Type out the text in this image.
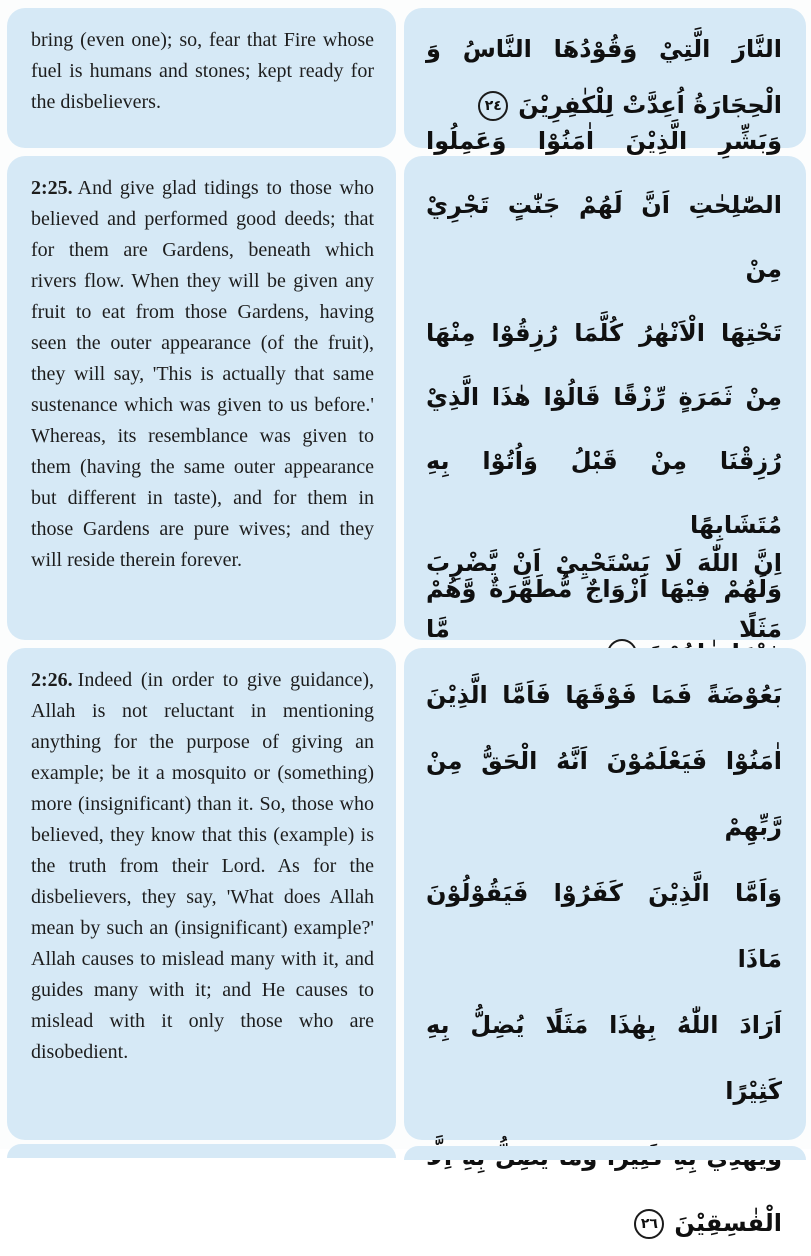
bring (even one); so, fear that Fire whose fuel is humans and stones; kept ready for the disbelievers.

النَّارَ الَّتِيْ وَقُوْدُهَا النَّاسُ وَ
الْحِجَارَةُ اُعِدَّتْ لِلْكٰفِرِيْنَ
٢٤

2:25. And give glad tidings to those who believed and performed good deeds; that for them are Gardens, beneath which rivers flow. When they will be given any fruit to eat from those Gardens, having seen the outer appearance (of the fruit), they will say, 'This is actually that same sustenance which was given to us before.' Whereas, its resemblance was given to them (having the same outer appearance but different in taste), and for them in those Gardens are pure wives; and they will reside therein forever.

وَبَشِّرِ الَّذِيْنَ اٰمَنُوْا وَعَمِلُوا
الصّٰلِحٰتِ اَنَّ لَهُمْ جَنّٰتٍ تَجْرِيْ مِنْ
تَحْتِهَا الْاَنْهٰرُ كُلَّمَا رُزِقُوْا مِنْهَا
مِنْ ثَمَرَةٍ رِّزْقًا قَالُوْا هٰذَا الَّذِيْ
رُزِقْنَا مِنْ قَبْلُ وَاُتُوْا بِهِ مُتَشَابِهًا
وَلَهُمْ فِيْهَا اَزْوَاجٌ مُّطَهَّرَةٌ وَّهُمْ

2:26. Indeed (in order to give guidance), Allah is not reluctant in mentioning anything for the purpose of giving an example; be it a mosquito or (something) more (insignificant) than it. So, those who believed, they know that this (example) is the truth from their Lord. As for the disbelievers, they say, 'What does Allah mean by such an (insignificant) example?' Allah causes to mislead many with it, and guides many with it; and He causes to mislead with it only those who are disobedient.

اِنَّ اللّٰهَ لَا يَسْتَحْيِيْ اَنْ يَّضْرِبَ مَثَلًا مَّا
بَعُوْضَةً فَمَا فَوْقَهَا فَاَمَّا الَّذِيْنَ
اٰمَنُوْا فَيَعْلَمُوْنَ اَنَّهُ الْحَقُّ مِنْ رَّبِّهِمْ
وَاَمَّا الَّذِيْنَ كَفَرُوْا فَيَقُوْلُوْنَ مَاذَا
اَرَادَ اللّٰهُ بِهٰذَا مَثَلًا يُضِلُّ بِهِ كَثِيْرًا
الْفٰسِقِيْنَ
٢٦
